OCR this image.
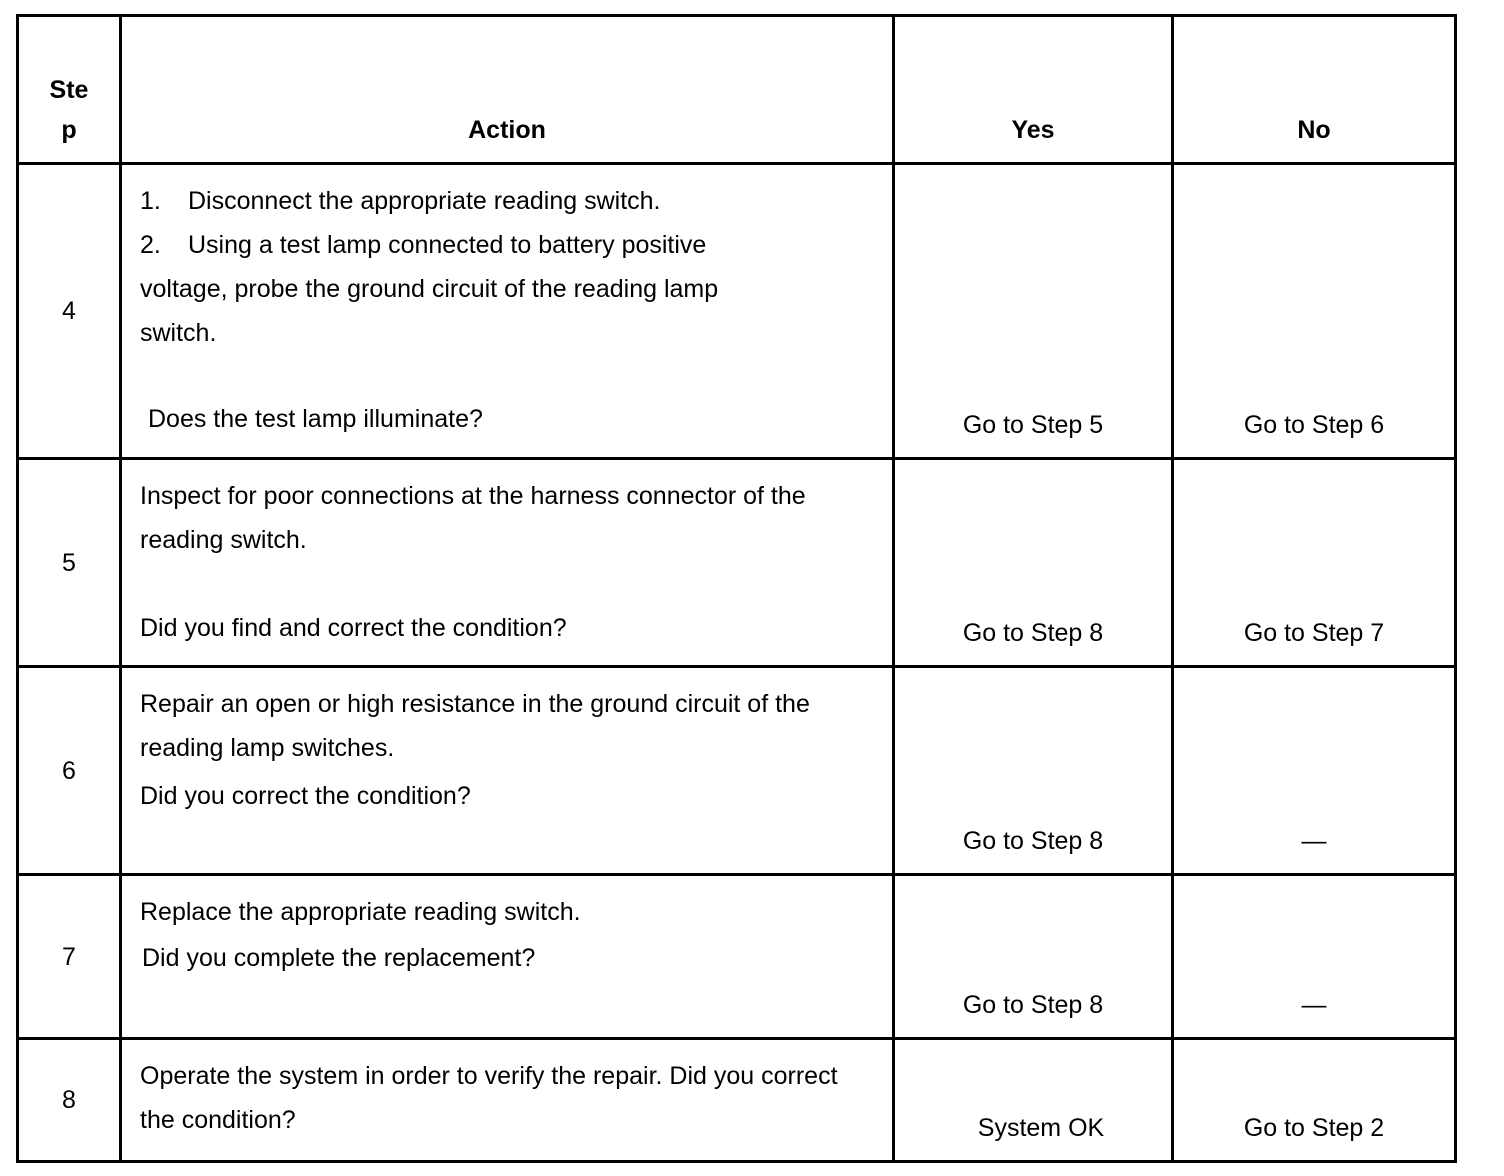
Step	Action	Yes	No
4	1. Disconnect the appropriate reading switch.
2. Using a test lamp connected to battery positive voltage, probe the ground circuit of the reading lamp switch.
Does the test lamp illuminate?	Go to Step 5	Go to Step 6
5	Inspect for poor connections at the harness connector of the reading switch.
Did you find and correct the condition?	Go to Step 8	Go to Step 7
6	Repair an open or high resistance in the ground circuit of the reading lamp switches.
Did you correct the condition?	Go to Step 8	—
7	Replace the appropriate reading switch.
Did you complete the replacement?	Go to Step 8	—
8	Operate the system in order to verify the repair. Did you correct the condition?	System OK	Go to Step 2
